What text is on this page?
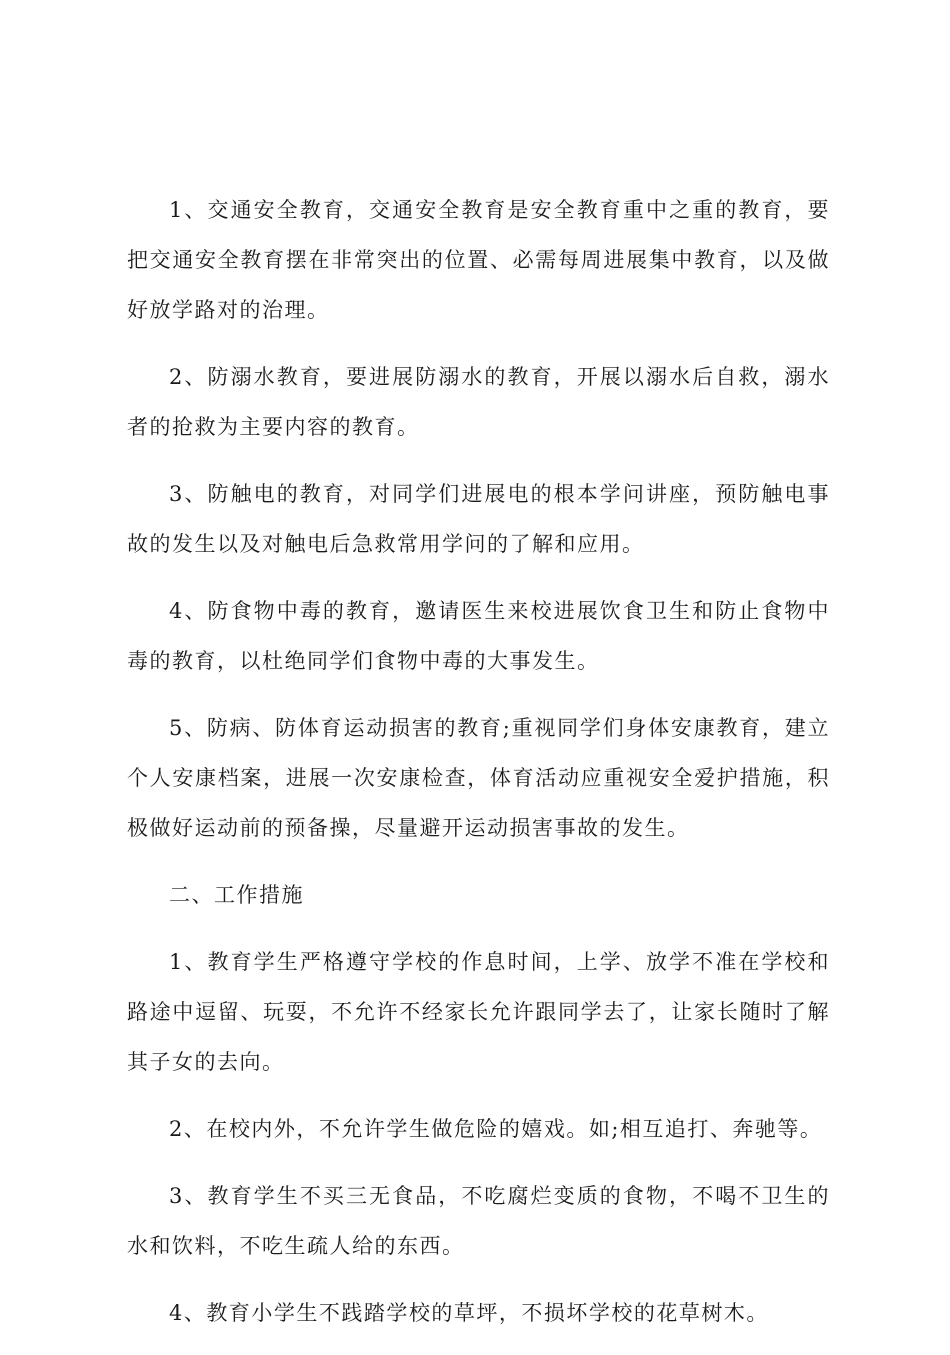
1、交通安全教育，交通安全教育是安全教育重中之重的教育，要把交通安全教育摆在非常突出的位置、必需每周进展集中教育，以及做好放学路对的治理。

2、防溺水教育，要进展防溺水的教育，开展以溺水后自救，溺水者的抢救为主要内容的教育。

3、防触电的教育，对同学们进展电的根本学问讲座，预防触电事故的发生以及对触电后急救常用学问的了解和应用。

4、防食物中毒的教育，邀请医生来校进展饮食卫生和防止食物中毒的教育，以杜绝同学们食物中毒的大事发生。

5、防病、防体育运动损害的教育;重视同学们身体安康教育，建立个人安康档案，进展一次安康检查，体育活动应重视安全爱护措施，积极做好运动前的预备操，尽量避开运动损害事故的发生。

二、工作措施

1、教育学生严格遵守学校的作息时间，上学、放学不准在学校和路途中逗留、玩耍，不允许不经家长允许跟同学去了，让家长随时了解其子女的去向。

2、在校内外，不允许学生做危险的嬉戏。如;相互追打、奔驰等。

3、教育学生不买三无食品，不吃腐烂变质的食物，不喝不卫生的水和饮料，不吃生疏人给的东西。

4、教育小学生不践踏学校的草坪，不损坏学校的花草树木。
